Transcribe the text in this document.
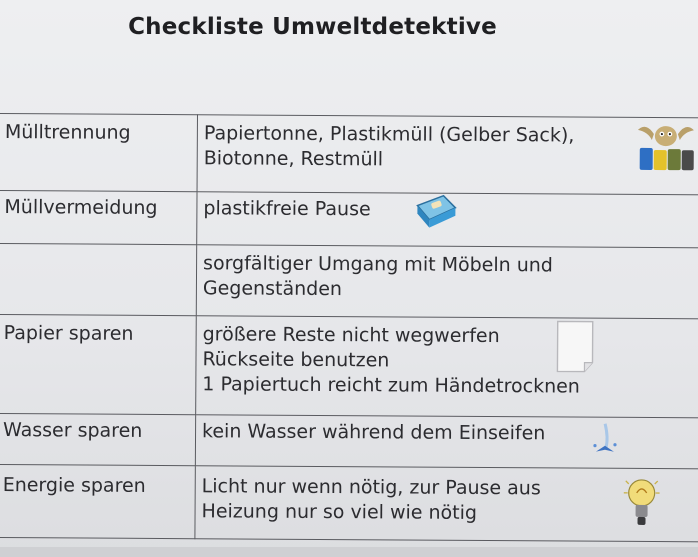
Checkliste Umweltdetektive
Mülltrennung	Papiertonne, Plastikmüll (Gelber Sack),
Biotonne, Restmüll

Müllvermeidung	plastikfreie Pause

	sorgfältiger Umgang mit Möbeln und
Gegenständen

Papier sparen	größere Reste nicht wegwerfen
Rückseite benutzen
1 Papiertuch reicht zum Händetrocknen

Wasser sparen	kein Wasser während dem Einseifen

Energie sparen	Licht nur wenn nötig, zur Pause aus
Heizung nur so viel wie nötig
